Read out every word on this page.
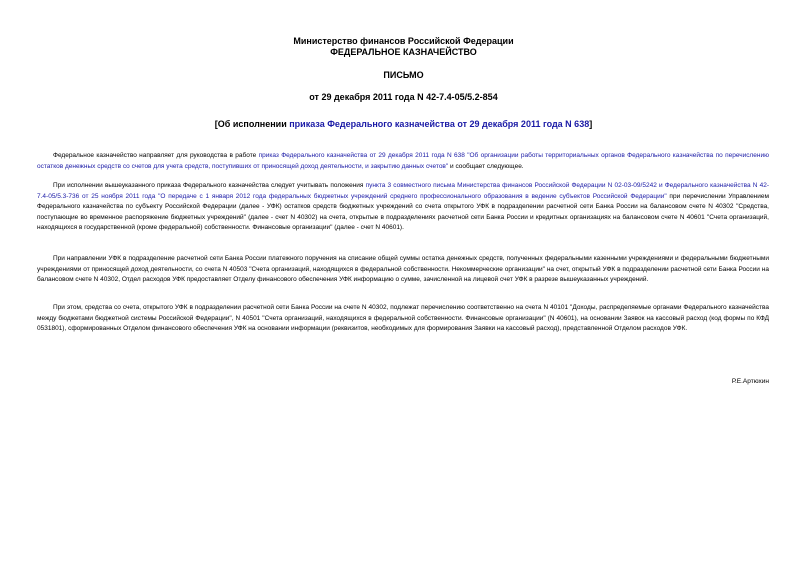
Министерство финансов Российской Федерации
ФЕДЕРАЛЬНОЕ КАЗНАЧЕЙСТВО
ПИСЬМО
от 29 декабря 2011 года N 42-7.4-05/5.2-854
[Об исполнении приказа Федерального казначейства от 29 декабря 2011 года N 638]

Федеральное казначейство направляет для руководства в работе приказ Федерального казначейства от 29 декабря 2011 года N 638 "Об организации работы территориальных органов Федерального казначейства по перечислению остатков денежных средств со счетов для учета средств, поступивших от приносящей доход деятельности, и закрытию данных счетов" и сообщает следующее.

При исполнении вышеуказанного приказа Федерального казначейства следует учитывать положения пункта 3 совместного письма Министерства финансов Российской Федерации N 02-03-09/5242 и Федерального казначейства N 42-7.4-05/5.3-736 от 25 ноября 2011 года "О передаче с 1 января 2012 года федеральных бюджетных учреждений среднего профессионального образования в ведение субъектов Российской Федерации" при перечислении Управлением Федерального казначейства по субъекту Российской Федерации (далее - УФК) остатков средств бюджетных учреждений со счета открытого УФК в подразделении расчетной сети Банка России на балансовом счете N 40302 "Средства, поступающие во временное распоряжение бюджетных учреждений" (далее - счет N 40302) на счета, открытые в подразделениях расчетной сети Банка России и кредитных организациях на балансовом счете N 40601 "Счета организаций, находящихся в государственной (кроме федеральной) собственности. Финансовые организации" (далее - счет N 40601).

При направлении УФК в подразделение расчетной сети Банка России платежного поручения на списание общей суммы остатка денежных средств, полученных федеральными казенными учреждениями и федеральными бюджетными учреждениями от приносящей доход деятельности, со счета N 40503 "Счета организаций, находящихся в федеральной собственности. Некоммерческие организации" на счет, открытый УФК в подразделении расчетной сети Банка России на балансовом счете N 40302, Отдел расходов УФК предоставляет Отделу финансового обеспечения УФК информацию о сумме, зачисленной на лицевой счет УФК в разрезе вышеуказанных учреждений.

При этом, средства со счета, открытого УФК в подразделении расчетной сети Банка России на счете N 40302, подлежат перечислению соответственно на счета N 40101 "Доходы, распределяемые органами Федерального казначейства между бюджетами бюджетной системы Российской Федерации", N 40501 "Счета организаций, находящихся в федеральной собственности. Финансовые организации" (N 40601), на основании Заявок на кассовый расход (код формы по КФД 0531801), сформированных Отделом финансового обеспечения УФК на основании информации (реквизитов, необходимых для формирования Заявки на кассовый расход), представленной Отделом расходов УФК.

Р.Е.Артюхин
